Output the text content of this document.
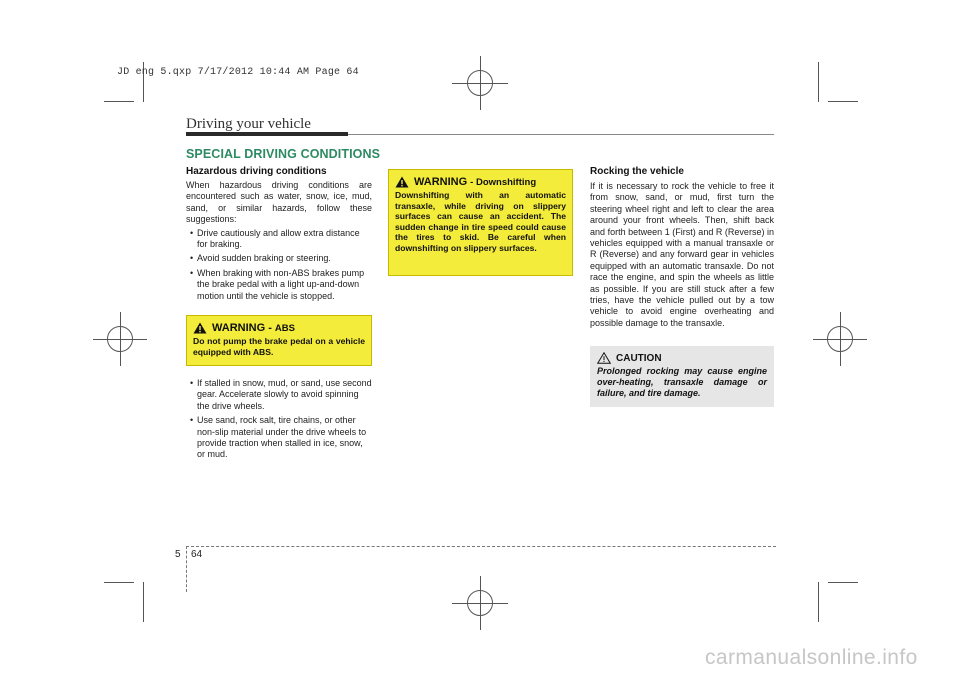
JD eng 5.qxp 7/17/2012 10:44 AM Page 64
Driving your vehicle
SPECIAL DRIVING CONDITIONS
Hazardous driving conditions
When hazardous driving conditions are encountered such as water, snow, ice, mud, sand, or similar hazards, follow these suggestions:
• Drive cautiously and allow extra distance for braking.
• Avoid sudden braking or steering.
• When braking with non-ABS brakes pump the brake pedal with a light up-and-down motion until the vehicle is stopped.
WARNING - ABS
Do not pump the brake pedal on a vehicle equipped with ABS.
• If stalled in snow, mud, or sand, use second gear. Accelerate slowly to avoid spinning the drive wheels.
• Use sand, rock salt, tire chains, or other non-slip material under the drive wheels to provide traction when stalled in ice, snow, or mud.
WARNING - Downshifting
Downshifting with an automatic transaxle, while driving on slippery surfaces can cause an accident. The sudden change in tire speed could cause the tires to skid. Be careful when downshifting on slippery surfaces.
Rocking the vehicle
If it is necessary to rock the vehicle to free it from snow, sand, or mud, first turn the steering wheel right and left to clear the area around your front wheels. Then, shift back and forth between 1 (First) and R (Reverse) in vehicles equipped with a manual transaxle or R (Reverse) and any forward gear in vehicles equipped with an automatic transaxle. Do not race the engine, and spin the wheels as little as possible. If you are still stuck after a few tries, have the vehicle pulled out by a tow vehicle to avoid engine overheating and possible damage to the transaxle.
CAUTION
Prolonged rocking may cause engine over-heating, transaxle damage or failure, and tire damage.
5 64
carmanualsonline.info
